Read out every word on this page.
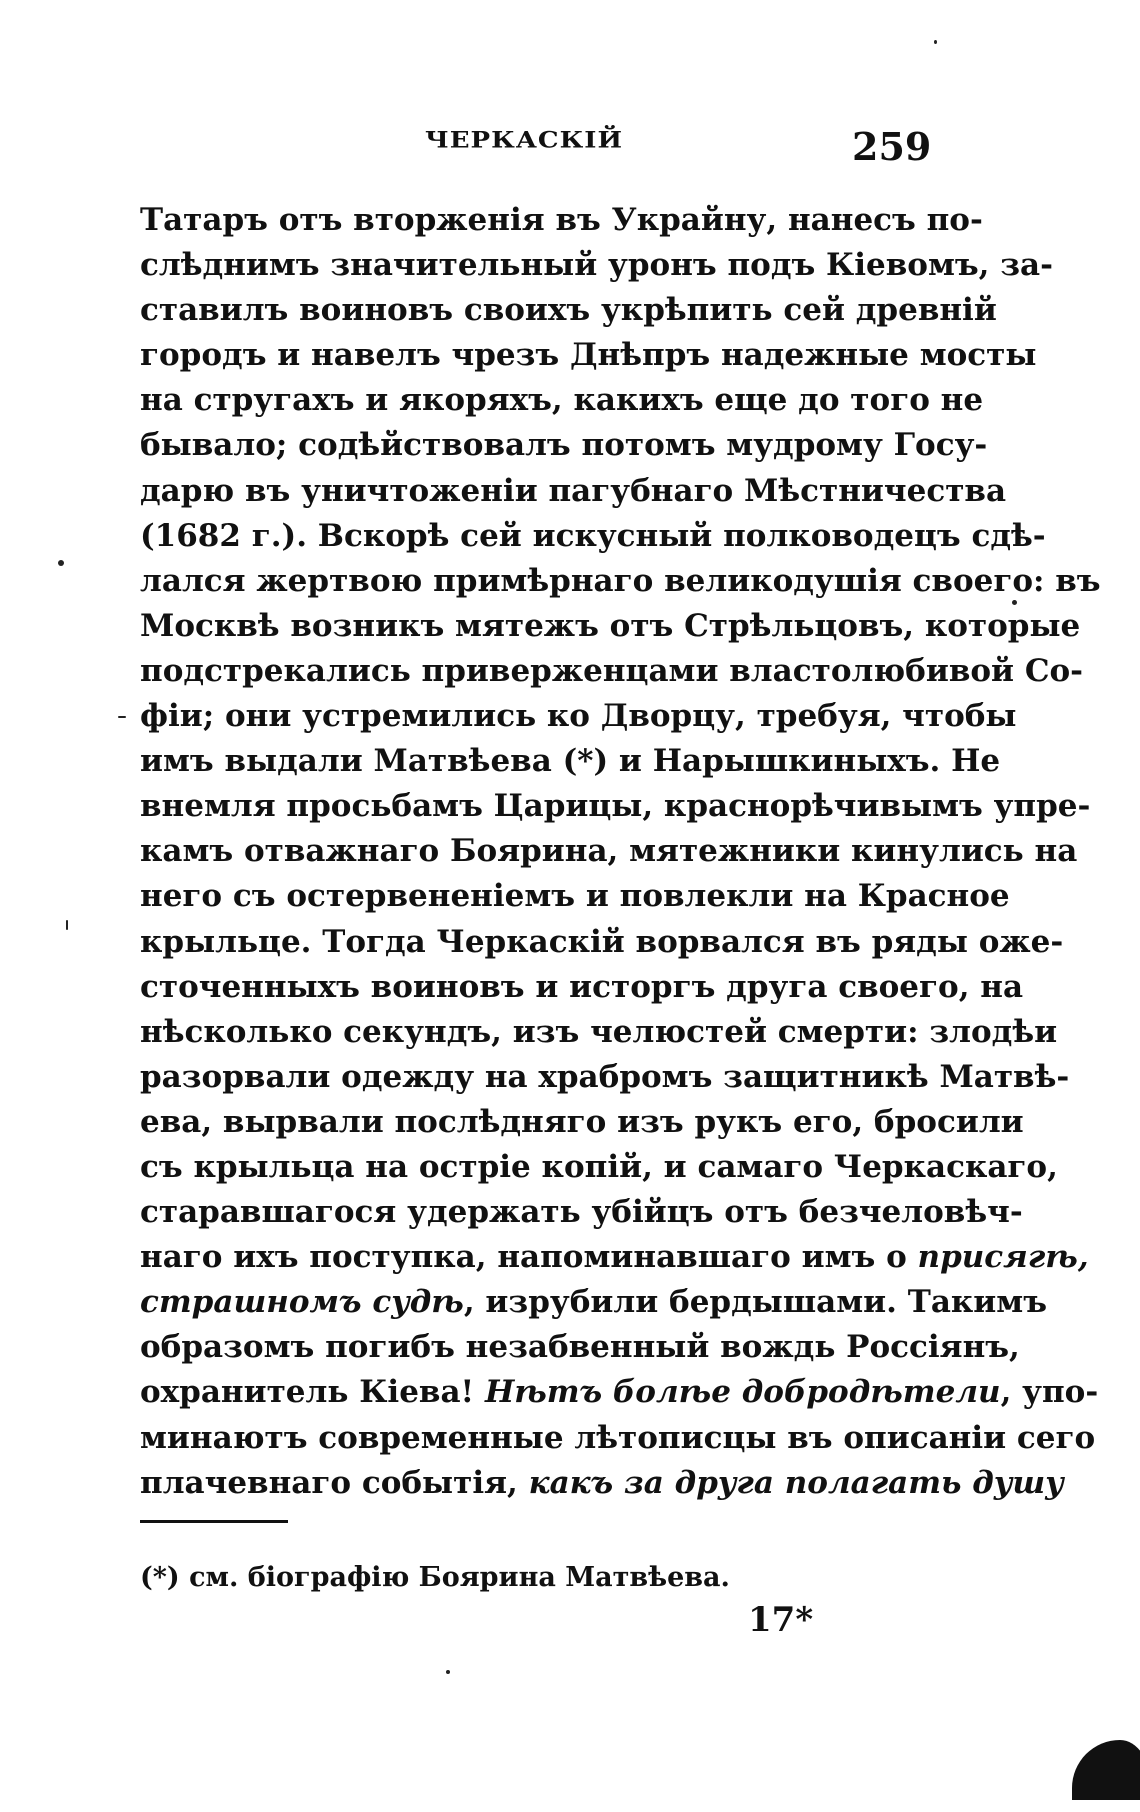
ЧЕРКАСКІЙ	259
Татаръ отъ вторженія въ Украйну, нанесъ по-
слѣднимъ значительный уронъ подъ Кіевомъ, за-
ставилъ воиновъ своихъ укрѣпить сей древній
городъ и навелъ чрезъ Днѣпръ надежные мосты
на стругахъ и якоряхъ, какихъ еще до того не
бывало; содѣйствовалъ потомъ мудрому Госу-
дарю въ уничтоженіи пагубнаго Мѣстничества
(1682 г.). Вскорѣ сей искусный полководецъ сдѣ-
лался жертвою примѣрнаго великодушія своего: въ
Москвѣ возникъ мятежъ отъ Стрѣльцовъ, которые
подстрекались приверженцами властолюбивой Со-
фіи; они устремились ко Дворцу, требуя, чтобы
имъ выдали Матвѣева (*) и Нарышкиныхъ. Не
внемля просьбамъ Царицы, краснорѣчивымъ упре-
камъ отважнаго Боярина, мятежники кинулись на
него съ остервененіемъ и повлекли на Красное
крыльце. Тогда Черкаскій ворвался въ ряды оже-
сточенныхъ воиновъ и исторгъ друга своего, на
нѣсколько секундъ, изъ челюстей смерти: злодѣи
разорвали одежду на храбромъ защитникѣ Матвѣ-
ева, вырвали послѣдняго изъ рукъ его, бросили
съ крыльца на остріе копій, и самаго Черкаскаго,
старавшагося удержать убійцъ отъ безчеловѣч-
наго ихъ поступка, напоминавшаго имъ о присягѣ,
страшномъ судѣ, изрубили бердышами. Такимъ
образомъ погибъ незабвенный вождь Россіянъ,
охранитель Кіева! Нѣтъ болѣе добродѣтели, упо-
минаютъ современные лѣтописцы въ описаніи сего
плачевнаго событія, какъ за друга полагать душу
(*) см. біографію Боярина Матвѣева.
17*
